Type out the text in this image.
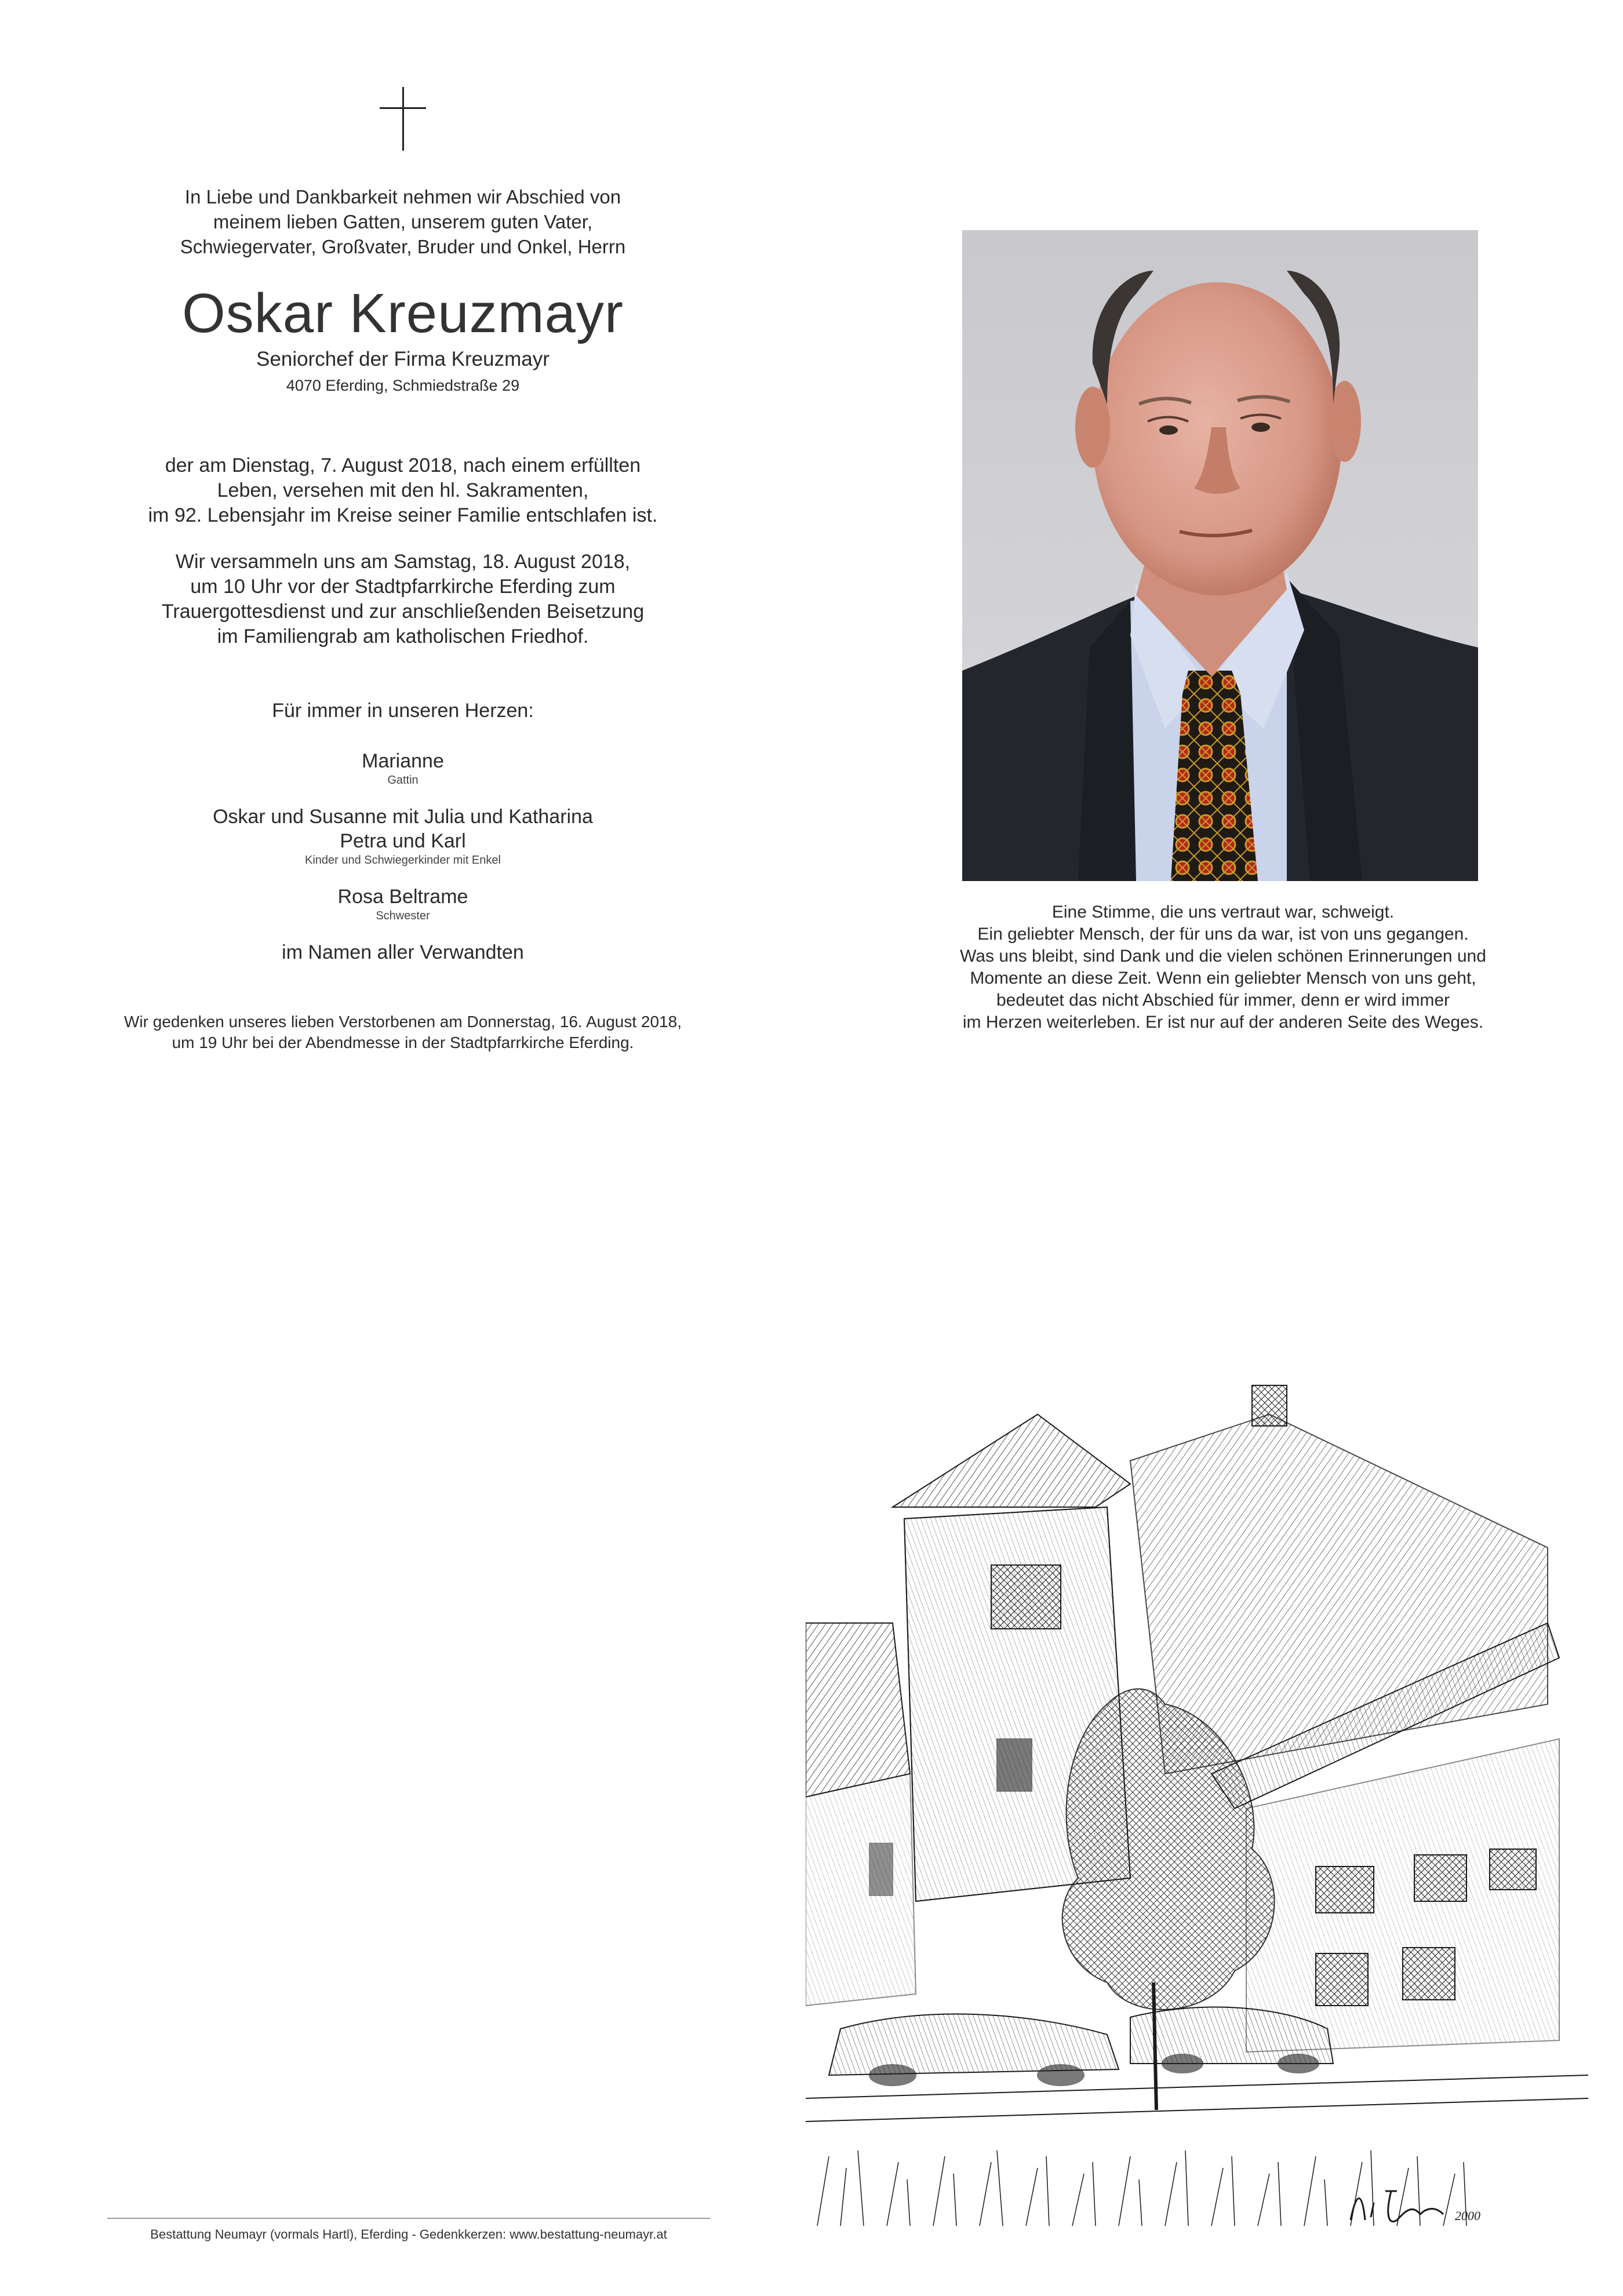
In Liebe und Dankbarkeit nehmen wir Abschied von
meinem lieben Gatten, unserem guten Vater,
Schwiegervater, Großvater, Bruder und Onkel, Herrn
Oskar Kreuzmayr
Seniorchef der Firma Kreuzmayr
4070 Eferding, Schmiedstraße 29
der am Dienstag, 7. August 2018, nach einem erfüllten
Leben, versehen mit den hl. Sakramenten,
im 92. Lebensjahr im Kreise seiner Familie entschlafen ist.
Wir versammeln uns am Samstag, 18. August 2018,
um 10 Uhr vor der Stadtpfarrkirche Eferding zum
Trauergottesdienst und zur anschließenden Beisetzung
im Familiengrab am katholischen Friedhof.
Für immer in unseren Herzen:
Marianne
Gattin
Oskar und Susanne mit Julia und Katharina
Petra und Karl
Kinder und Schwiegerkinder mit Enkel
Rosa Beltrame
Schwester
im Namen aller Verwandten
Wir gedenken unseres lieben Verstorbenen am Donnerstag, 16. August 2018,
um 19 Uhr bei der Abendmesse in der Stadtpfarrkirche Eferding.
Eine Stimme, die uns vertraut war, schweigt.
Ein geliebter Mensch, der für uns da war, ist von uns gegangen.
Was uns bleibt, sind Dank und die vielen schönen Erinnerungen und
Momente an diese Zeit. Wenn ein geliebter Mensch von uns geht,
bedeutet das nicht Abschied für immer, denn er wird immer
im Herzen weiterleben. Er ist nur auf der anderen Seite des Weges.
2000
Bestattung Neumayr (vormals Hartl), Eferding - Gedenkkerzen: www.bestattung-neumayr.at
